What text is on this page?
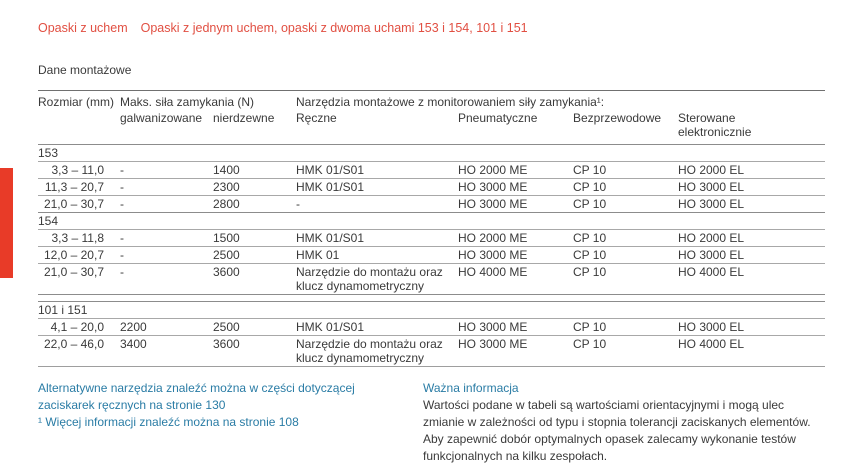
Opaski z uchem Opaski z jednym uchem, opaski z dwoma uchami 153 i 154, 101 i 151
Dane montażowe
Rozmiar (mm)	Maks. siła zamykania (N)		Narzędzia montażowe z monitorowaniem siły zamykania¹:			
	galwanizowane	nierdzewne	Ręczne	Pneumatyczne	Bezprzewodowe	Sterowane elektronicznie

153						
3,3 – 11,0	-	1400	HMK 01/S01	HO 2000 ME	CP 10	HO 2000 EL
11,3 – 20,7	-	2300	HMK 01/S01	HO 3000 ME	CP 10	HO 3000 EL
21,0 – 30,7	-	2800	-	HO 3000 ME	CP 10	HO 3000 EL
154						
3,3 – 11,8	-	1500	HMK 01/S01	HO 2000 ME	CP 10	HO 2000 EL
12,0 – 20,7	-	2500	HMK 01	HO 3000 ME	CP 10	HO 3000 EL
21,0 – 30,7	-	3600	Narzędzie do montażu oraz klucz dynamometryczny	HO 4000 ME	CP 10	HO 4000 EL

101 i 151						
4,1 – 20,0	2200	2500	HMK 01/S01	HO 3000 ME	CP 10	HO 3000 EL
22,0 – 46,0	3400	3600	Narzędzie do montażu oraz klucz dynamometryczny	HO 3000 ME	CP 10	HO 4000 EL

Alternatywne narzędzia znaleźć można w części dotyczącej zaciskarek ręcznych na stronie 130

¹ Więcej informacji znaleźć można na stronie 108

Ważna informacja

Wartości podane w tabeli są wartościami orientacyjnymi i mogą ulec zmianie w zależności od typu i stopnia tolerancji zaciskanych elementów. Aby zapewnić dobór optymalnych opasek zalecamy wykonanie testów funkcjonalnych na kilku zespołach.
